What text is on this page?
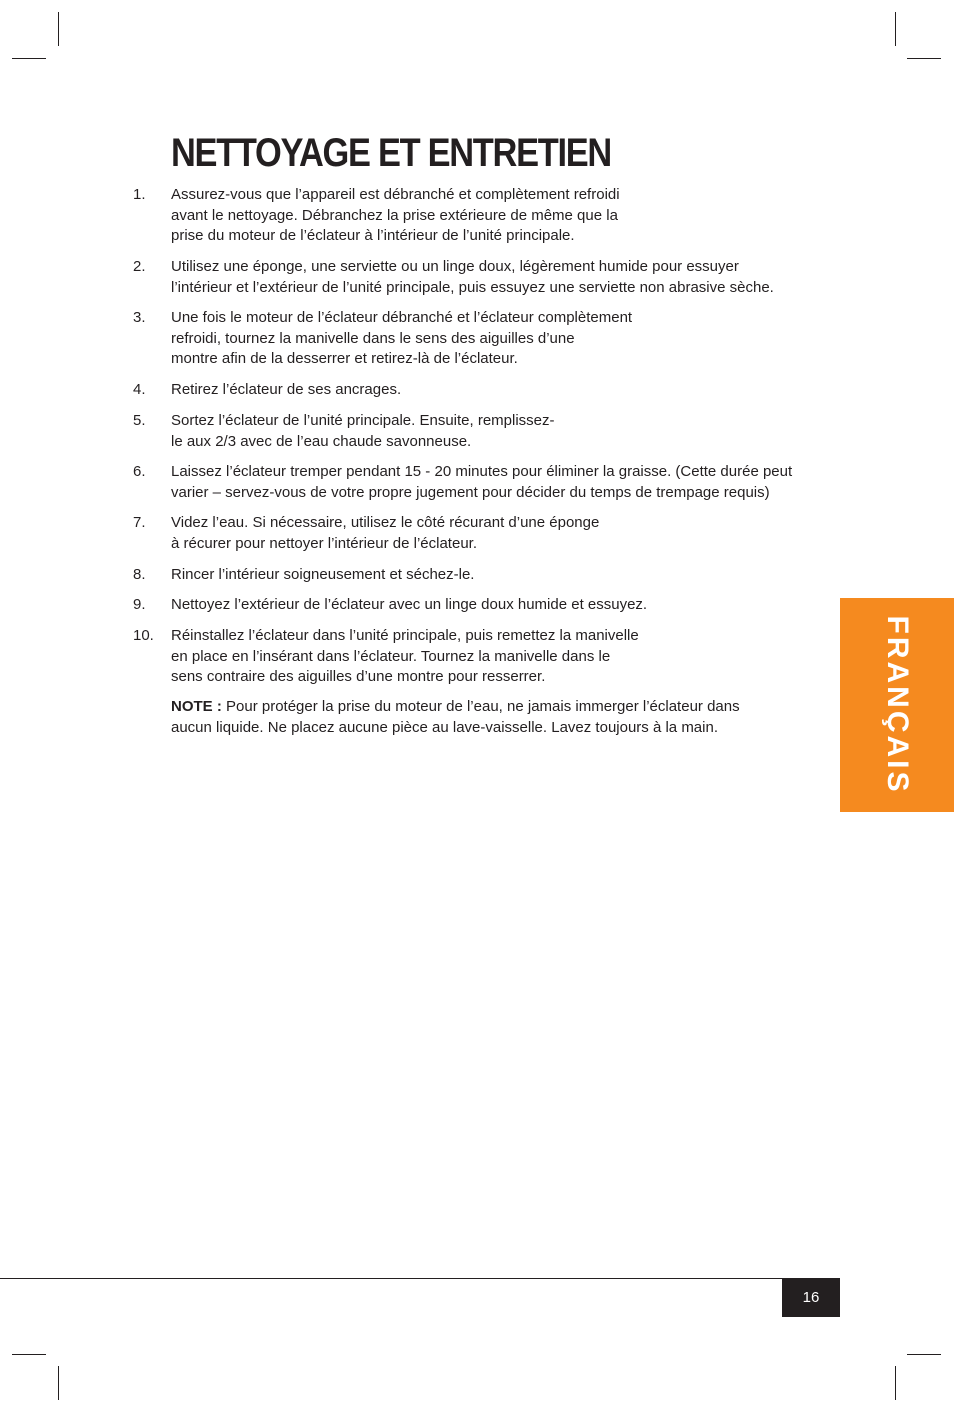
NETTOYAGE ET ENTRETIEN
1. Assurez-vous que l’appareil est débranché et complètement refroidi
avant le nettoyage. Débranchez la prise extérieure de même que la
prise du moteur de l’éclateur à l’intérieur de l’unité principale.
2. Utilisez une éponge, une serviette ou un linge doux, légèrement humide pour essuyer
l’intérieur et l’extérieur de l’unité principale, puis essuyez une serviette non abrasive sèche.
3. Une fois le moteur de l’éclateur débranché et l’éclateur complètement
refroidi, tournez la manivelle dans le sens des aiguilles d’une
montre afin de la desserrer et retirez-là de l’éclateur.
4. Retirez l’éclateur de ses ancrages.
5. Sortez l’éclateur de l’unité principale. Ensuite, remplissez-
le aux 2/3 avec de l’eau chaude savonneuse.
6. Laissez l’éclateur tremper pendant 15 - 20 minutes pour éliminer la graisse. (Cette durée peut
varier – servez-vous de votre propre jugement pour décider du temps de trempage requis)
7. Videz l’eau. Si nécessaire, utilisez le côté récurant d’une éponge
à récurer pour nettoyer l’intérieur de l’éclateur.
8. Rincer l’intérieur soigneusement et séchez-le.
9. Nettoyez l’extérieur de l’éclateur avec un linge doux humide et essuyez.
10. Réinstallez l’éclateur dans l’unité principale, puis remettez la manivelle
en place en l’insérant dans l’éclateur. Tournez la manivelle dans le
sens contraire des aiguilles d’une montre pour resserrer.
NOTE : Pour protéger la prise du moteur de l’eau, ne jamais immerger l’éclateur dans
aucun liquide. Ne placez aucune pièce au lave-vaisselle. Lavez toujours à la main.	FRANÇAIS
16
